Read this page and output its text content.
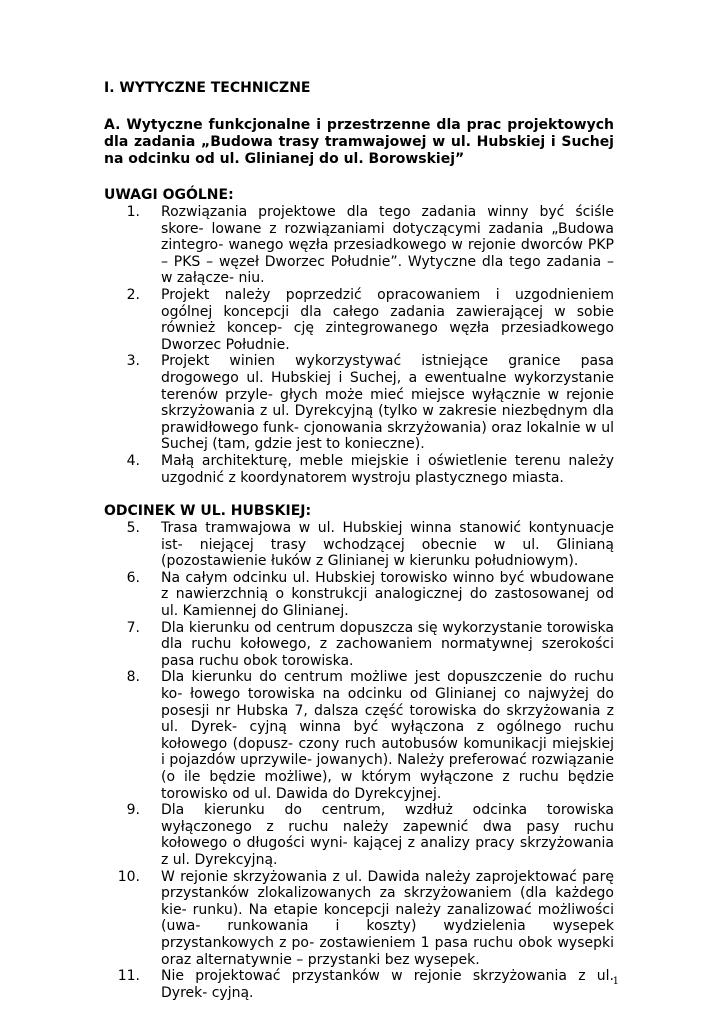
I. WYTYCZNE TECHNICZNE
A. Wytyczne funkcjonalne i przestrzenne dla prac projektowych dla zadania „Budowa trasy tramwajowej w ul. Hubskiej i Suchej na odcinku od ul. Glinianej do ul. Borowskiej”
UWAGI OGÓLNE:
1. Rozwiązania projektowe dla tego zadania winny być ściśle skore- lowane z rozwiązaniami dotyczącymi zadania „Budowa zintegro- wanego węzła przesiadkowego w rejonie dworców PKP – PKS – węzeł Dworzec Południe”. Wytyczne dla tego zadania – w załącze- niu.
2. Projekt należy poprzedzić opracowaniem i uzgodnieniem ogólnej koncepcji dla całego zadania zawierającej w sobie również koncep- cję zintegrowanego węzła przesiadkowego Dworzec Południe.
3. Projekt winien wykorzystywać istniejące granice pasa drogowego ul. Hubskiej i Suchej, a ewentualne wykorzystanie terenów przyle- głych może mieć miejsce wyłącznie w rejonie skrzyżowania z ul. Dyrekcyjną (tylko w zakresie niezbędnym dla prawidłowego funk- cjonowania skrzyżowania) oraz lokalnie w ul Suchej (tam, gdzie jest to konieczne).
4. Małą architekturę, meble miejskie i oświetlenie terenu należy uzgodnić z koordynatorem wystroju plastycznego miasta.
ODCINEK W UL. HUBSKIEJ:
5. Trasa tramwajowa w ul. Hubskiej winna stanowić kontynuacje ist- niejącej trasy wchodzącej obecnie w ul. Glinianą (pozostawienie łuków z Glinianej w kierunku południowym).
6. Na całym odcinku ul. Hubskiej torowisko winno być wbudowane z nawierzchnią o konstrukcji analogicznej do zastosowanej od ul. Kamiennej do Glinianej.
7. Dla kierunku od centrum dopuszcza się wykorzystanie torowiska dla ruchu kołowego, z zachowaniem normatywnej szerokości pasa ruchu obok torowiska.
8. Dla kierunku do centrum możliwe jest dopuszczenie do ruchu ko- łowego torowiska na odcinku od Glinianej co najwyżej do posesji nr Hubska 7, dalsza część torowiska do skrzyżowania z ul. Dyrek- cyjną winna być wyłączona z ogólnego ruchu kołowego (dopusz- czony ruch autobusów komunikacji miejskiej i pojazdów uprzywile- jowanych). Należy preferować rozwiązanie (o ile będzie możliwe), w którym wyłączone z ruchu będzie torowisko od ul. Dawida do Dyrekcyjnej.
9. Dla kierunku do centrum, wzdłuż odcinka torowiska wyłączonego z ruchu należy zapewnić dwa pasy ruchu kołowego o długości wyni- kającej z analizy pracy skrzyżowania z ul. Dyrekcyjną.
10. W rejonie skrzyżowania z ul. Dawida należy zaprojektować parę przystanków zlokalizowanych za skrzyżowaniem (dla każdego kie- runku). Na etapie koncepcji należy zanalizować możliwości (uwa- runkowania i koszty) wydzielenia wysepek przystankowych z po- zostawieniem 1 pasa ruchu obok wysepki oraz alternatywnie – przystanki bez wysepek.
11. Nie projektować przystanków w rejonie skrzyżowania z ul. Dyrek- cyjną.
1
